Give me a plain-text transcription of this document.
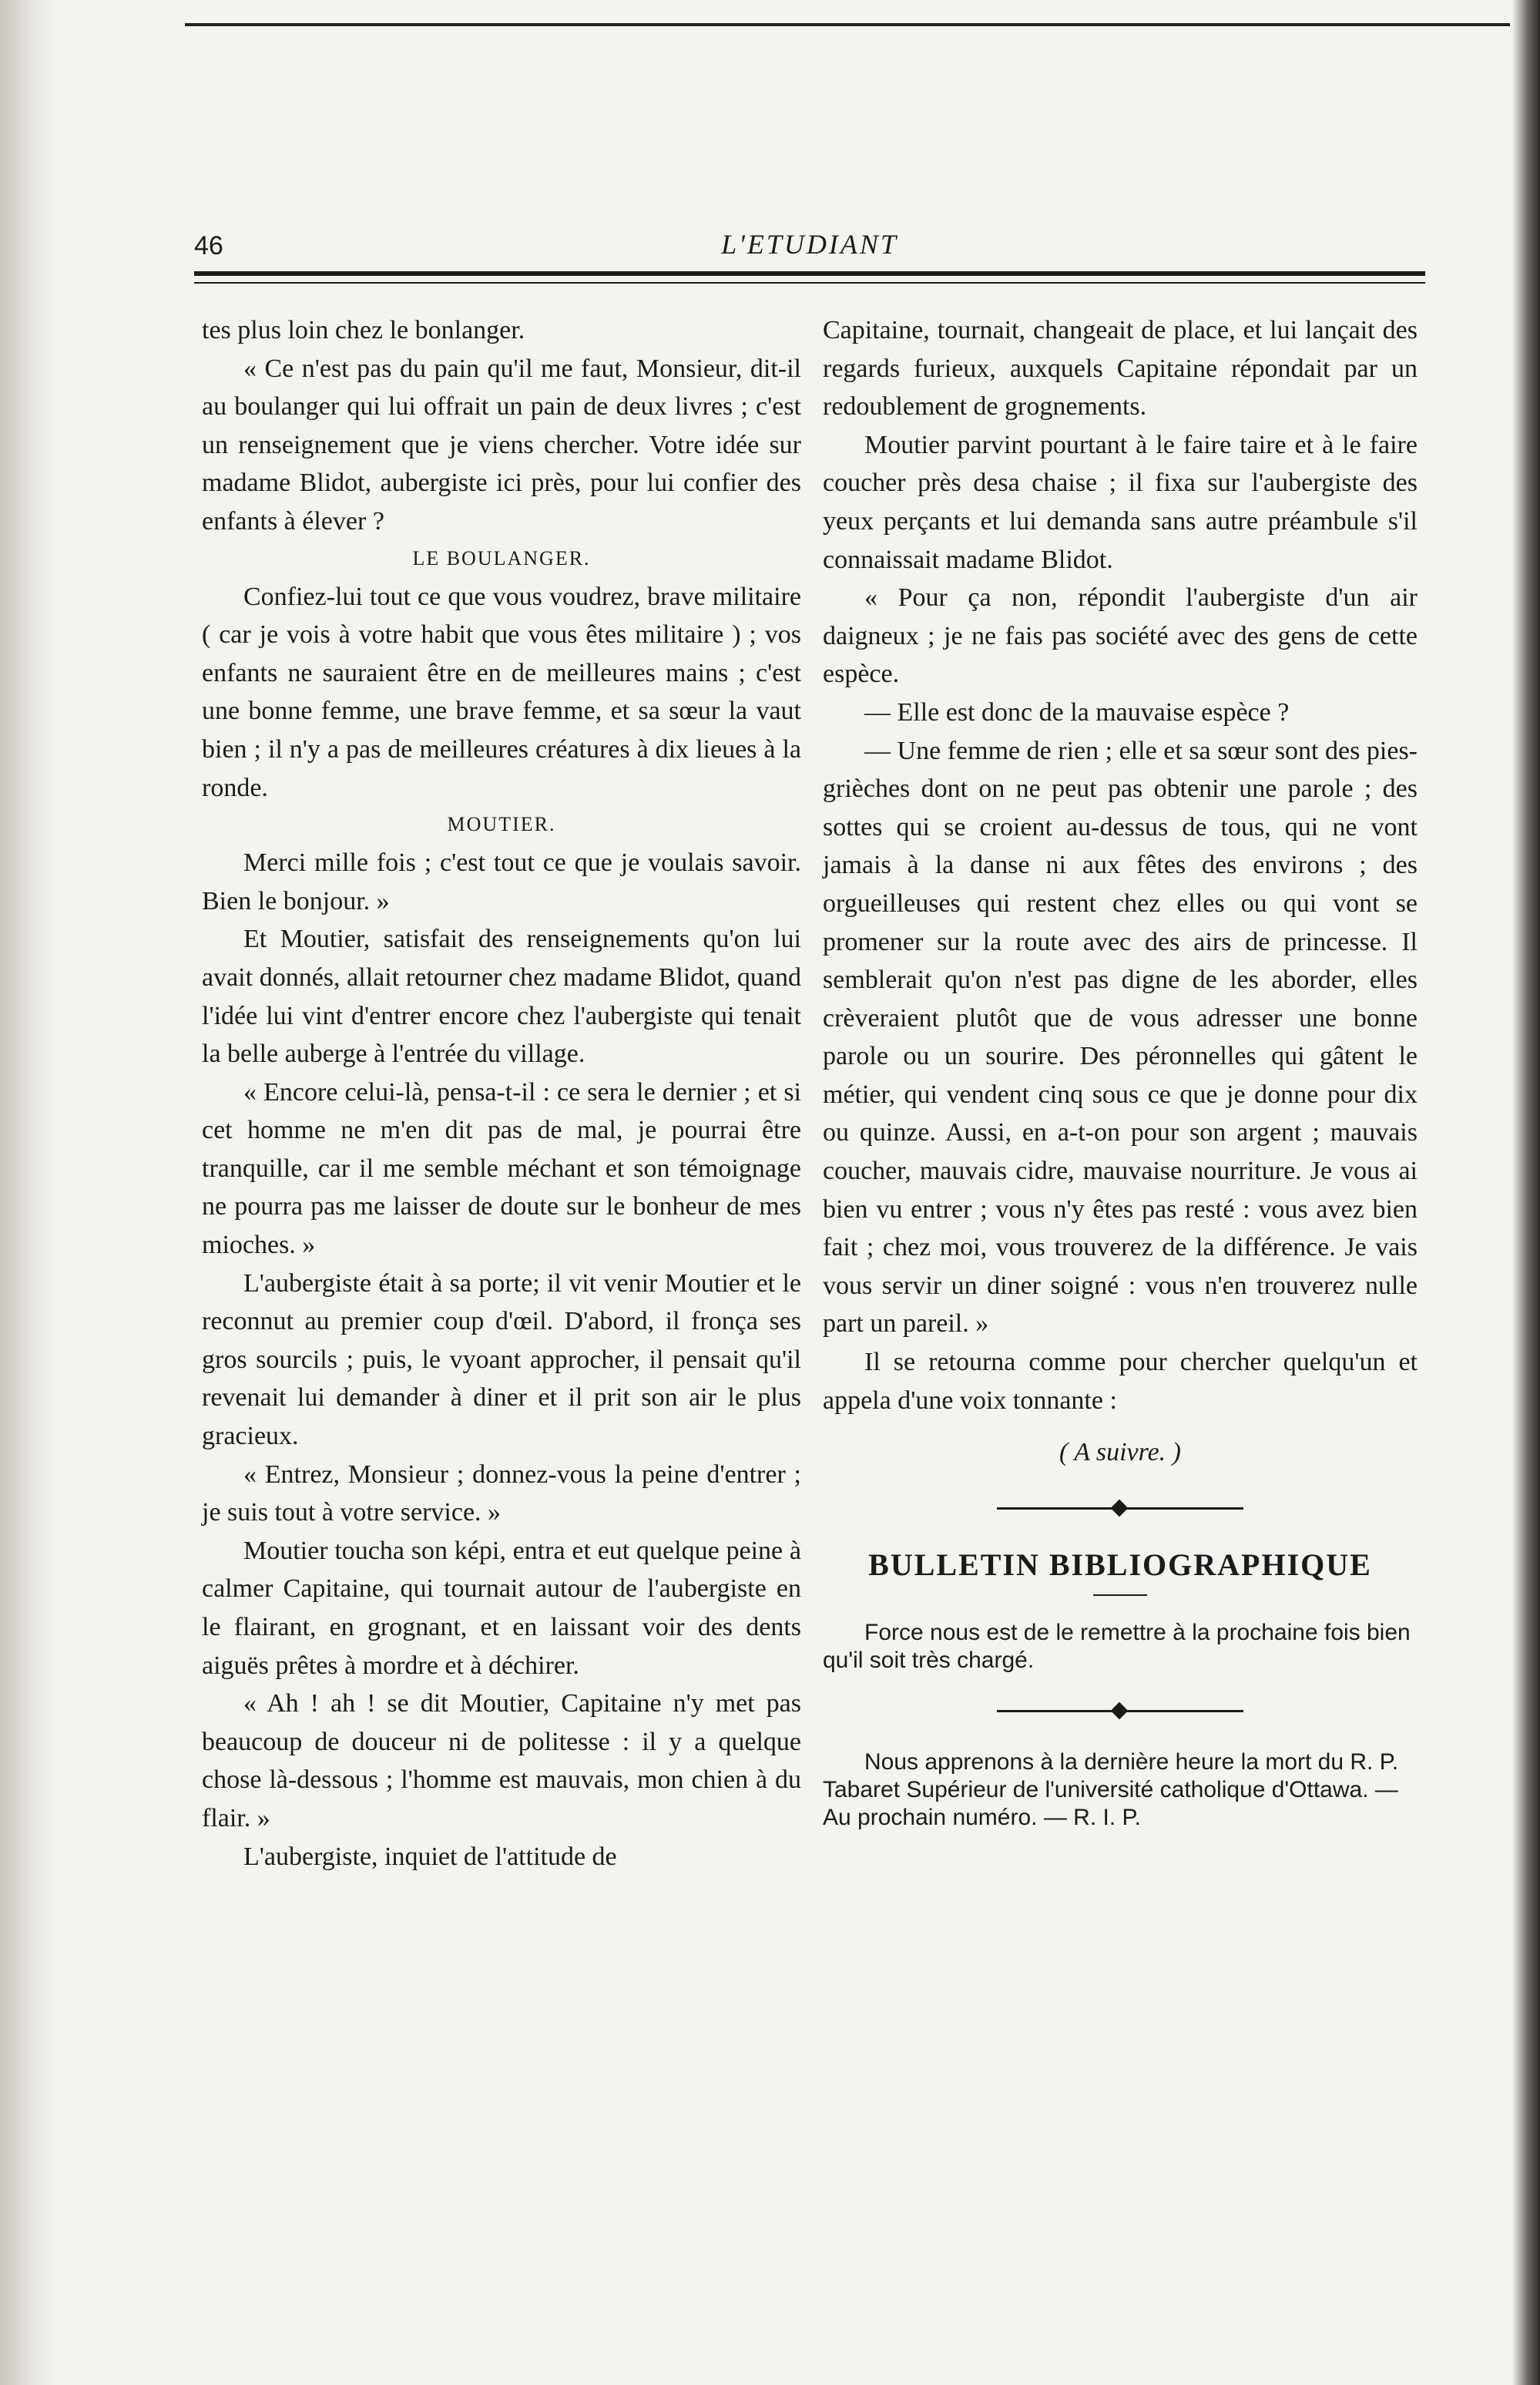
46	L'ETUDIANT

tes plus loin chez le bonlanger.

« Ce n'est pas du pain qu'il me faut, Monsieur, dit-il au boulanger qui lui offrait un pain de deux livres ; c'est un renseignement que je viens chercher. Votre idée sur madame Blidot, aubergiste ici près, pour lui confier des enfants à élever ?

LE BOULANGER.

Confiez-lui tout ce que vous voudrez, brave militaire ( car je vois à votre habit que vous êtes militaire ) ; vos enfants ne sauraient être en de meilleures mains ; c'est une bonne femme, une brave femme, et sa sœur la vaut bien ; il n'y a pas de meilleures créatures à dix lieues à la ronde.

MOUTIER.

Merci mille fois ; c'est tout ce que je voulais savoir. Bien le bonjour. »

Et Moutier, satisfait des renseignements qu'on lui avait donnés, allait retourner chez madame Blidot, quand l'idée lui vint d'entrer encore chez l'aubergiste qui tenait la belle auberge à l'entrée du village.

« Encore celui-là, pensa-t-il : ce sera le dernier ; et si cet homme ne m'en dit pas de mal, je pourrai être tranquille, car il me semble méchant et son témoignage ne pourra pas me laisser de doute sur le bonheur de mes mioches. »

L'aubergiste était à sa porte; il vit venir Moutier et le reconnut au premier coup d'œil. D'abord, il fronça ses gros sourcils ; puis, le vyoant approcher, il pensait qu'il revenait lui demander à diner et il prit son air le plus gracieux.

« Entrez, Monsieur ; donnez-vous la peine d'entrer ; je suis tout à votre service. »

Moutier toucha son képi, entra et eut quelque peine à calmer Capitaine, qui tournait autour de l'aubergiste en le flairant, en grognant, et en laissant voir des dents aiguës prêtes à mordre et à déchirer.

« Ah ! ah ! se dit Moutier, Capitaine n'y met pas beaucoup de douceur ni de politesse : il y a quelque chose là-dessous ; l'homme est mauvais, mon chien à du flair. »

L'aubergiste, inquiet de l'attitude de

Capitaine, tournait, changeait de place, et lui lançait des regards furieux, auxquels Capitaine répondait par un redoublement de grognements.

Moutier parvint pourtant à le faire taire et à le faire coucher près desa chaise ; il fixa sur l'aubergiste des yeux perçants et lui demanda sans autre préambule s'il connaissait madame Blidot.

« Pour ça non, répondit l'aubergiste d'un air daigneux ; je ne fais pas société avec des gens de cette espèce.

— Elle est donc de la mauvaise espèce ?

— Une femme de rien ; elle et sa sœur sont des pies-grièches dont on ne peut pas obtenir une parole ; des sottes qui se croient au-dessus de tous, qui ne vont jamais à la danse ni aux fêtes des environs ; des orgueilleuses qui restent chez elles ou qui vont se promener sur la route avec des airs de princesse. Il semblerait qu'on n'est pas digne de les aborder, elles crèveraient plutôt que de vous adresser une bonne parole ou un sourire. Des péronnelles qui gâtent le métier, qui vendent cinq sous ce que je donne pour dix ou quinze. Aussi, en a-t-on pour son argent ; mauvais coucher, mauvais cidre, mauvaise nourriture. Je vous ai bien vu entrer ; vous n'y êtes pas resté : vous avez bien fait ; chez moi, vous trouverez de la différence. Je vais vous servir un diner soigné : vous n'en trouverez nulle part un pareil. »

Il se retourna comme pour chercher quelqu'un et appela d'une voix tonnante :

( A suivre. )

BULLETIN BIBLIOGRAPHIQUE

Force nous est de le remettre à la prochaine fois bien qu'il soit très chargé.

Nous apprenons à la dernière heure la mort du R. P. Tabaret Supérieur de l'université catholique d'Ottawa. — Au prochain numéro. — R. I. P.
